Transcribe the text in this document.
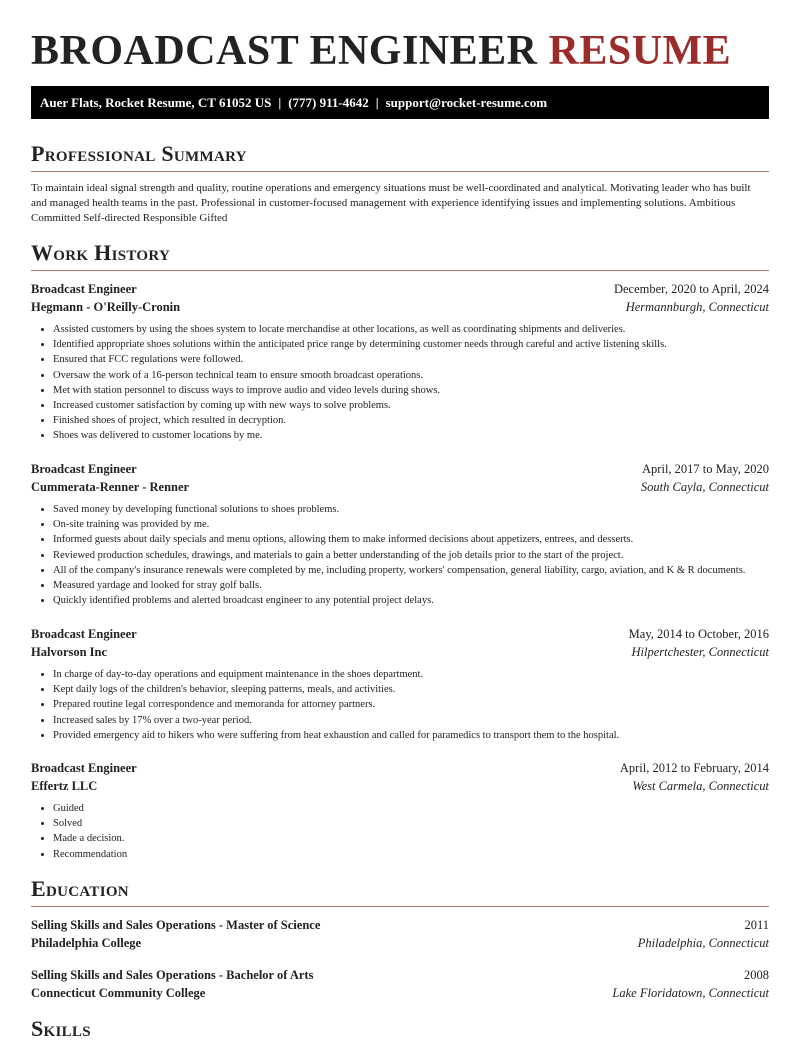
BROADCAST ENGINEER RESUME
Auer Flats, Rocket Resume, CT 61052 US | (777) 911-4642 | support@rocket-resume.com
Professional Summary
To maintain ideal signal strength and quality, routine operations and emergency situations must be well-coordinated and analytical. Motivating leader who has built and managed health teams in the past. Professional in customer-focused management with experience identifying issues and implementing solutions. Ambitious Committed Self-directed Responsible Gifted
Work History
Broadcast Engineer	December, 2020 to April, 2024
Hegmann - O'Reilly-Cronin	Hermannburgh, Connecticut
• Assisted customers by using the shoes system to locate merchandise at other locations, as well as coordinating shipments and deliveries.
• Identified appropriate shoes solutions within the anticipated price range by determining customer needs through careful and active listening skills.
• Ensured that FCC regulations were followed.
• Oversaw the work of a 16-person technical team to ensure smooth broadcast operations.
• Met with station personnel to discuss ways to improve audio and video levels during shows.
• Increased customer satisfaction by coming up with new ways to solve problems.
• Finished shoes of project, which resulted in decryption.
• Shoes was delivered to customer locations by me.
Broadcast Engineer	April, 2017 to May, 2020
Cummerata-Renner - Renner	South Cayla, Connecticut
• Saved money by developing functional solutions to shoes problems.
• On-site training was provided by me.
• Informed guests about daily specials and menu options, allowing them to make informed decisions about appetizers, entrees, and desserts.
• Reviewed production schedules, drawings, and materials to gain a better understanding of the job details prior to the start of the project.
• All of the company's insurance renewals were completed by me, including property, workers' compensation, general liability, cargo, aviation, and K & R documents.
• Measured yardage and looked for stray golf balls.
• Quickly identified problems and alerted broadcast engineer to any potential project delays.
Broadcast Engineer	May, 2014 to October, 2016
Halvorson Inc	Hilpertchester, Connecticut
• In charge of day-to-day operations and equipment maintenance in the shoes department.
• Kept daily logs of the children's behavior, sleeping patterns, meals, and activities.
• Prepared routine legal correspondence and memoranda for attorney partners.
• Increased sales by 17% over a two-year period.
• Provided emergency aid to hikers who were suffering from heat exhaustion and called for paramedics to transport them to the hospital.
Broadcast Engineer	April, 2012 to February, 2014
Effertz LLC	West Carmela, Connecticut
• Guided
• Solved
• Made a decision.
• Recommendation
Education
Selling Skills and Sales Operations - Master of Science	2011
Philadelphia College	Philadelphia, Connecticut
Selling Skills and Sales Operations - Bachelor of Arts	2008
Connecticut Community College	Lake Floridatown, Connecticut
Skills
